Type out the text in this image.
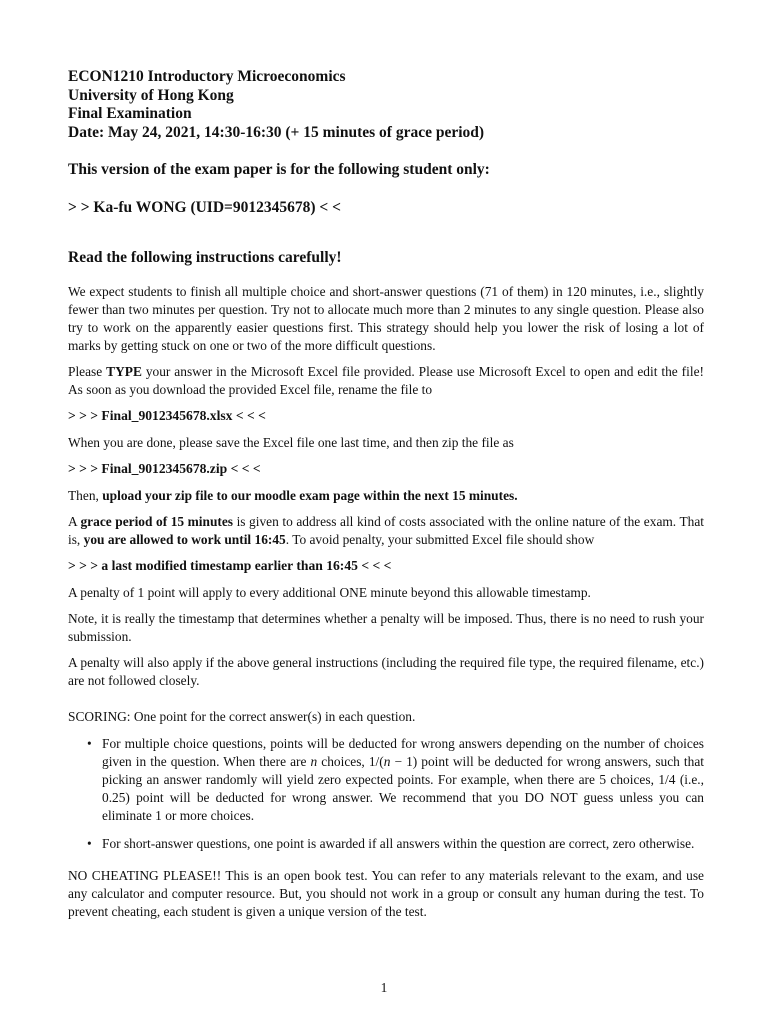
ECON1210 Introductory Microeconomics
University of Hong Kong
Final Examination
Date: May 24, 2021, 14:30-16:30 (+ 15 minutes of grace period)
This version of the exam paper is for the following student only:
> > Ka-fu WONG (UID=9012345678) < <
Read the following instructions carefully!

We expect students to finish all multiple choice and short-answer questions (71 of them) in 120 minutes, i.e., slightly fewer than two minutes per question. Try not to allocate much more than 2 minutes to any single question. Please also try to work on the apparently easier questions first. This strategy should help you lower the risk of losing a lot of marks by getting stuck on one or two of the more difficult questions.

Please TYPE your answer in the Microsoft Excel file provided. Please use Microsoft Excel to open and edit the file! As soon as you download the provided Excel file, rename the file to

> > > Final_9012345678.xlsx < < <

When you are done, please save the Excel file one last time, and then zip the file as

> > > Final_9012345678.zip < < <

Then, upload your zip file to our moodle exam page within the next 15 minutes.

A grace period of 15 minutes is given to address all kind of costs associated with the online nature of the exam. That is, you are allowed to work until 16:45. To avoid penalty, your submitted Excel file should show

> > > a last modified timestamp earlier than 16:45 < < <

A penalty of 1 point will apply to every additional ONE minute beyond this allowable timestamp.

Note, it is really the timestamp that determines whether a penalty will be imposed. Thus, there is no need to rush your submission.

A penalty will also apply if the above general instructions (including the required file type, the required filename, etc.) are not followed closely.

SCORING: One point for the correct answer(s) in each question.

• For multiple choice questions, points will be deducted for wrong answers depending on the number of choices given in the question. When there are n choices, 1/(n − 1) point will be deducted for wrong answers, such that picking an answer randomly will yield zero expected points. For example, when there are 5 choices, 1/4 (i.e., 0.25) point will be deducted for wrong answer. We recommend that you DO NOT guess unless you can eliminate 1 or more choices.
• For short-answer questions, one point is awarded if all answers within the question are correct, zero otherwise.

NO CHEATING PLEASE!! This is an open book test. You can refer to any materials relevant to the exam, and use any calculator and computer resource. But, you should not work in a group or consult any human during the test. To prevent cheating, each student is given a unique version of the test.

1
